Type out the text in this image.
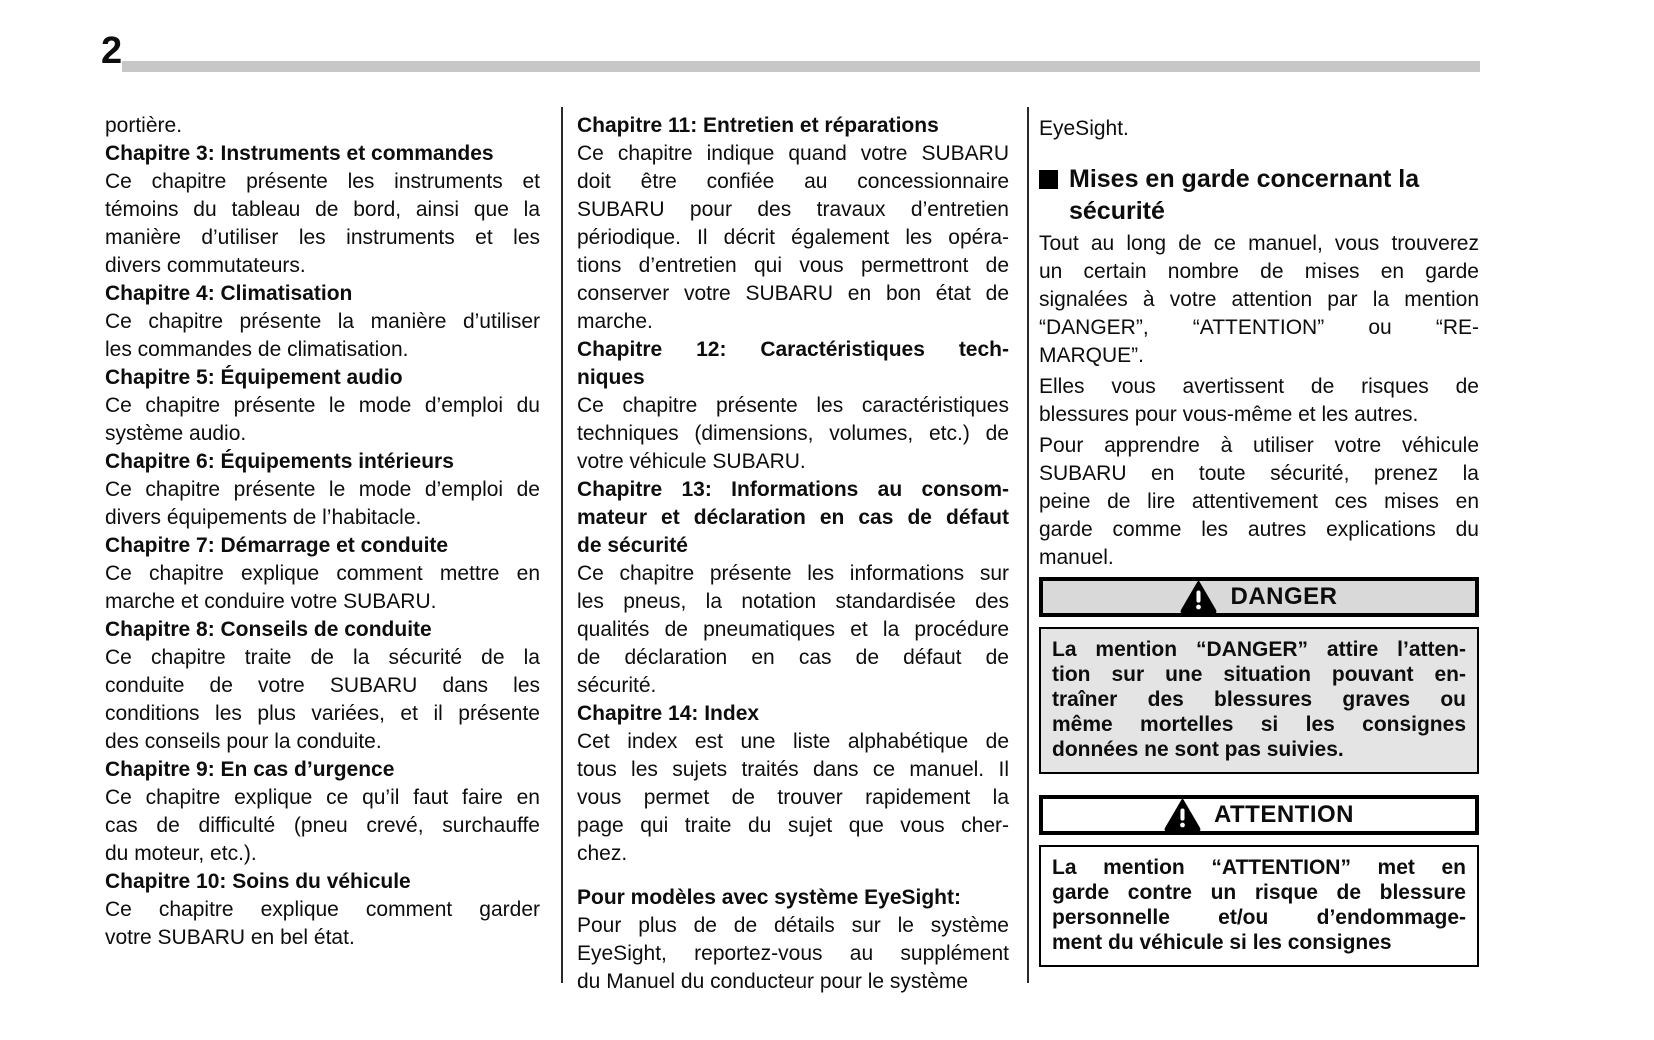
2
portière.
Chapitre 3: Instruments et commandes
Ce chapitre présente les instruments et
témoins du tableau de bord, ainsi que la
manière d’utiliser les instruments et les
divers commutateurs.
Chapitre 4: Climatisation
Ce chapitre présente la manière d’utiliser
les commandes de climatisation.
Chapitre 5: Équipement audio
Ce chapitre présente le mode d’emploi du
système audio.
Chapitre 6: Équipements intérieurs
Ce chapitre présente le mode d’emploi de
divers équipements de l’habitacle.
Chapitre 7: Démarrage et conduite
Ce chapitre explique comment mettre en
marche et conduire votre SUBARU.
Chapitre 8: Conseils de conduite
Ce chapitre traite de la sécurité de la
conduite de votre SUBARU dans les
conditions les plus variées, et il présente
des conseils pour la conduite.
Chapitre 9: En cas d’urgence
Ce chapitre explique ce qu’il faut faire en
cas de difficulté (pneu crevé, surchauffe
du moteur, etc.).
Chapitre 10: Soins du véhicule
Ce chapitre explique comment garder
votre SUBARU en bel état.
Chapitre 11: Entretien et réparations
Ce chapitre indique quand votre SUBARU
doit être confiée au concessionnaire
SUBARU pour des travaux d’entretien
périodique. Il décrit également les opéra-
tions d’entretien qui vous permettront de
conserver votre SUBARU en bon état de
marche.
Chapitre 12: Caractéristiques tech-
niques
Ce chapitre présente les caractéristiques
techniques (dimensions, volumes, etc.) de
votre véhicule SUBARU.
Chapitre 13: Informations au consom-
mateur et déclaration en cas de défaut
de sécurité
Ce chapitre présente les informations sur
les pneus, la notation standardisée des
qualités de pneumatiques et la procédure
de déclaration en cas de défaut de
sécurité.
Chapitre 14: Index
Cet index est une liste alphabétique de
tous les sujets traités dans ce manuel. Il
vous permet de trouver rapidement la
page qui traite du sujet que vous cher-
chez.
Pour modèles avec système EyeSight:
Pour plus de de détails sur le système
EyeSight, reportez-vous au supplément
du Manuel du conducteur pour le système
EyeSight.
Mises en garde concernant la
sécurité
Tout au long de ce manuel, vous trouverez
un certain nombre de mises en garde
signalées à votre attention par la mention
“DANGER”, “ATTENTION” ou “RE-
MARQUE”.
Elles vous avertissent de risques de
blessures pour vous-même et les autres.
Pour apprendre à utiliser votre véhicule
SUBARU en toute sécurité, prenez la
peine de lire attentivement ces mises en
garde comme les autres explications du
manuel.
DANGER
La mention “DANGER” attire l’atten-
tion sur une situation pouvant en-
traîner des blessures graves ou
même mortelles si les consignes
données ne sont pas suivies.
ATTENTION
La mention “ATTENTION” met en
garde contre un risque de blessure
personnelle et/ou d’endommage-
ment du véhicule si les consignes
